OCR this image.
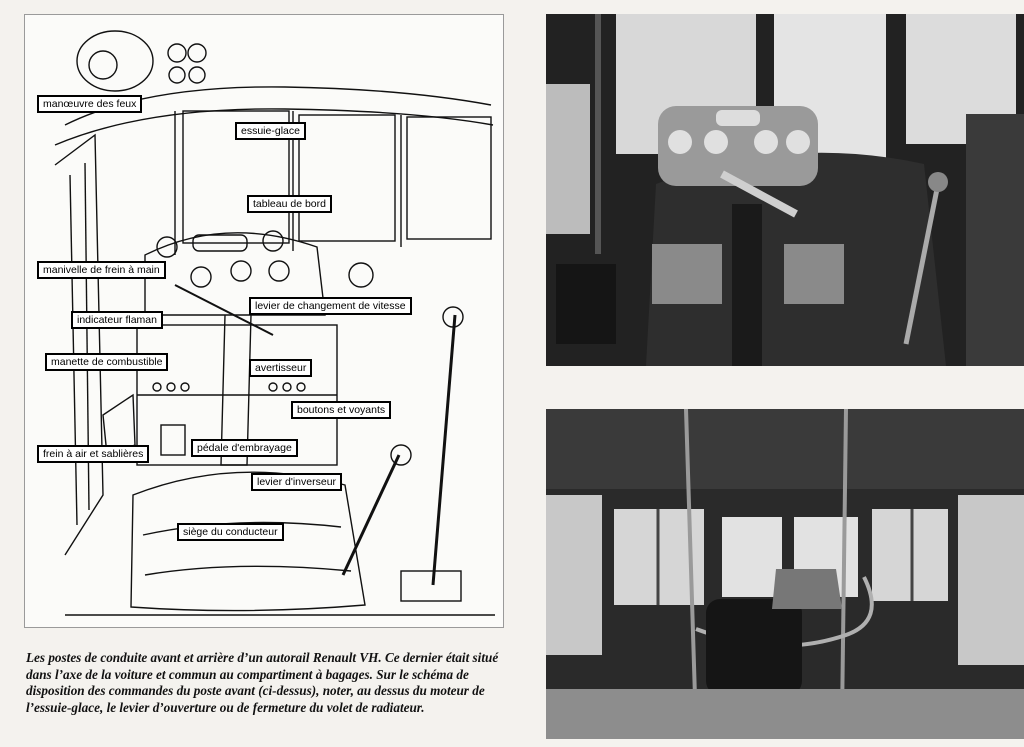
manœuvre des feux
essuie-glace
tableau de bord
manivelle de frein à main
levier de changement de vitesse
indicateur flaman
manette de combustible	avertisseur
boutons et voyants
frein à air et sablières	pédale d'embrayage
levier d'inverseur
siège du conducteur

Les postes de conduite avant et arrière d’un autorail Renault VH. Ce dernier était situé dans l’axe de la voiture et commun au compartiment à bagages. Sur le schéma de disposition des commandes du poste avant (ci-dessus), noter, au dessus du moteur de l’essuie-glace, le levier d’ouverture ou de fermeture du volet de radiateur.
